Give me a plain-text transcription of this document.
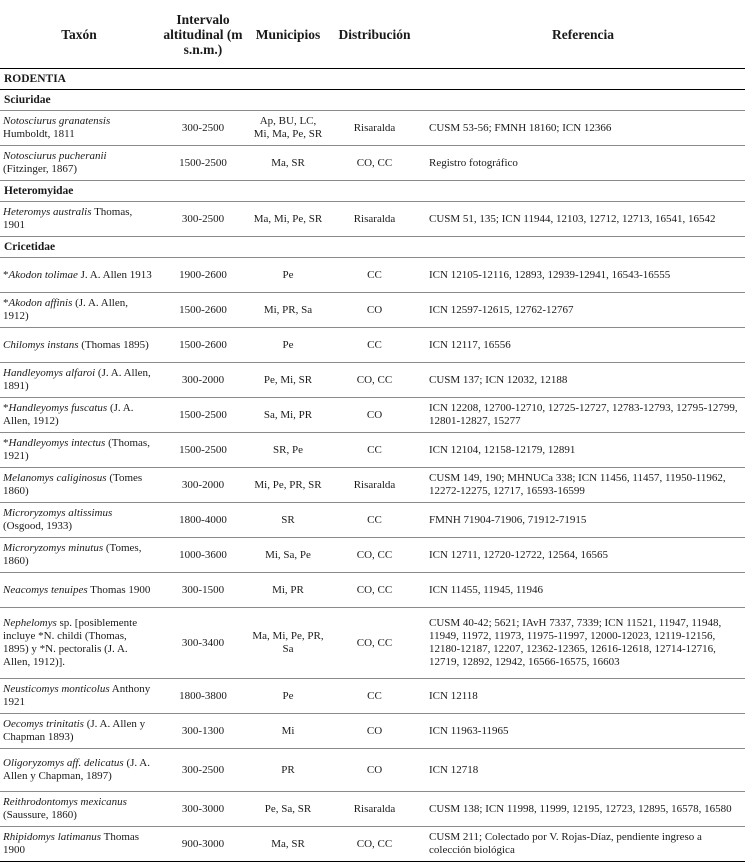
Taxón	Intervalo altitudinal (m s.n.m.)	Municipios	Distribución	Referencia
RODENTIA				
Sciuridae				
Notosciurus granatensis Humboldt, 1811	300-2500	Ap, BU, LC, Mi, Ma, Pe, SR	Risaralda	CUSM 53-56; FMNH 18160; ICN 12366
Notosciurus pucheranii (Fitzinger, 1867)	1500-2500	Ma, SR	CO, CC	Registro fotográfico
Heteromyidae				
Heteromys australis Thomas, 1901	300-2500	Ma, Mi, Pe, SR	Risaralda	CUSM 51, 135; ICN 11944, 12103, 12712, 12713, 16541, 16542
Cricetidae				
*Akodon tolimae J. A. Allen 1913	1900-2600	Pe	CC	ICN 12105-12116, 12893, 12939-12941, 16543-16555
*Akodon affinis (J. A. Allen, 1912)	1500-2600	Mi, PR, Sa	CO	ICN 12597-12615, 12762-12767
Chilomys instans (Thomas 1895)	1500-2600	Pe	CC	ICN 12117, 16556
Handleyomys alfaroi (J. A. Allen, 1891)	300-2000	Pe, Mi, SR	CO, CC	CUSM 137; ICN 12032, 12188
*Handleyomys fuscatus (J. A. Allen, 1912)	1500-2500	Sa, Mi, PR	CO	ICN 12208, 12700-12710, 12725-12727, 12783-12793, 12795-12799, 12801-12827, 15277
*Handleyomys intectus (Thomas, 1921)	1500-2500	SR, Pe	CC	ICN 12104, 12158-12179, 12891
Melanomys caliginosus (Tomes 1860)	300-2000	Mi, Pe, PR, SR	Risaralda	CUSM 149, 190; MHNUCa 338; ICN 11456, 11457, 11950-11962, 12272-12275, 12717, 16593-16599
Microryzomys altissimus (Osgood, 1933)	1800-4000	SR	CC	FMNH 71904-71906, 71912-71915
Microryzomys minutus (Tomes, 1860)	1000-3600	Mi, Sa, Pe	CO, CC	ICN 12711, 12720-12722, 12564, 16565
Neacomys tenuipes Thomas 1900	300-1500	Mi, PR	CO, CC	ICN 11455, 11945, 11946
Nephelomys sp. [posiblemente incluye *N. childi (Thomas, 1895) y *N. pectoralis (J. A. Allen, 1912)].	300-3400	Ma, Mi, Pe, PR, Sa	CO, CC	CUSM 40-42; 5621; IAvH 7337, 7339; ICN 11521, 11947, 11948, 11949, 11972, 11973, 11975-11997, 12000-12023, 12119-12156, 12180-12187, 12207, 12362-12365, 12616-12618, 12714-12716, 12719, 12892, 12942, 16566-16575, 16603
Neusticomys monticolus Anthony 1921	1800-3800	Pe	CC	ICN 12118
Oecomys trinitatis (J. A. Allen y Chapman 1893)	300-1300	Mi	CO	ICN 11963-11965
Oligoryzomys aff. delicatus (J. A. Allen y Chapman, 1897)	300-2500	PR	CO	ICN 12718
Reithrodontomys mexicanus (Saussure, 1860)	300-3000	Pe, Sa, SR	Risaralda	CUSM 138; ICN 11998, 11999, 12195, 12723, 12895, 16578, 16580
Rhipidomys latimanus Thomas 1900	900-3000	Ma, SR	CO, CC	CUSM 211; Colectado por V. Rojas-Díaz, pendiente ingreso a colección biológica
